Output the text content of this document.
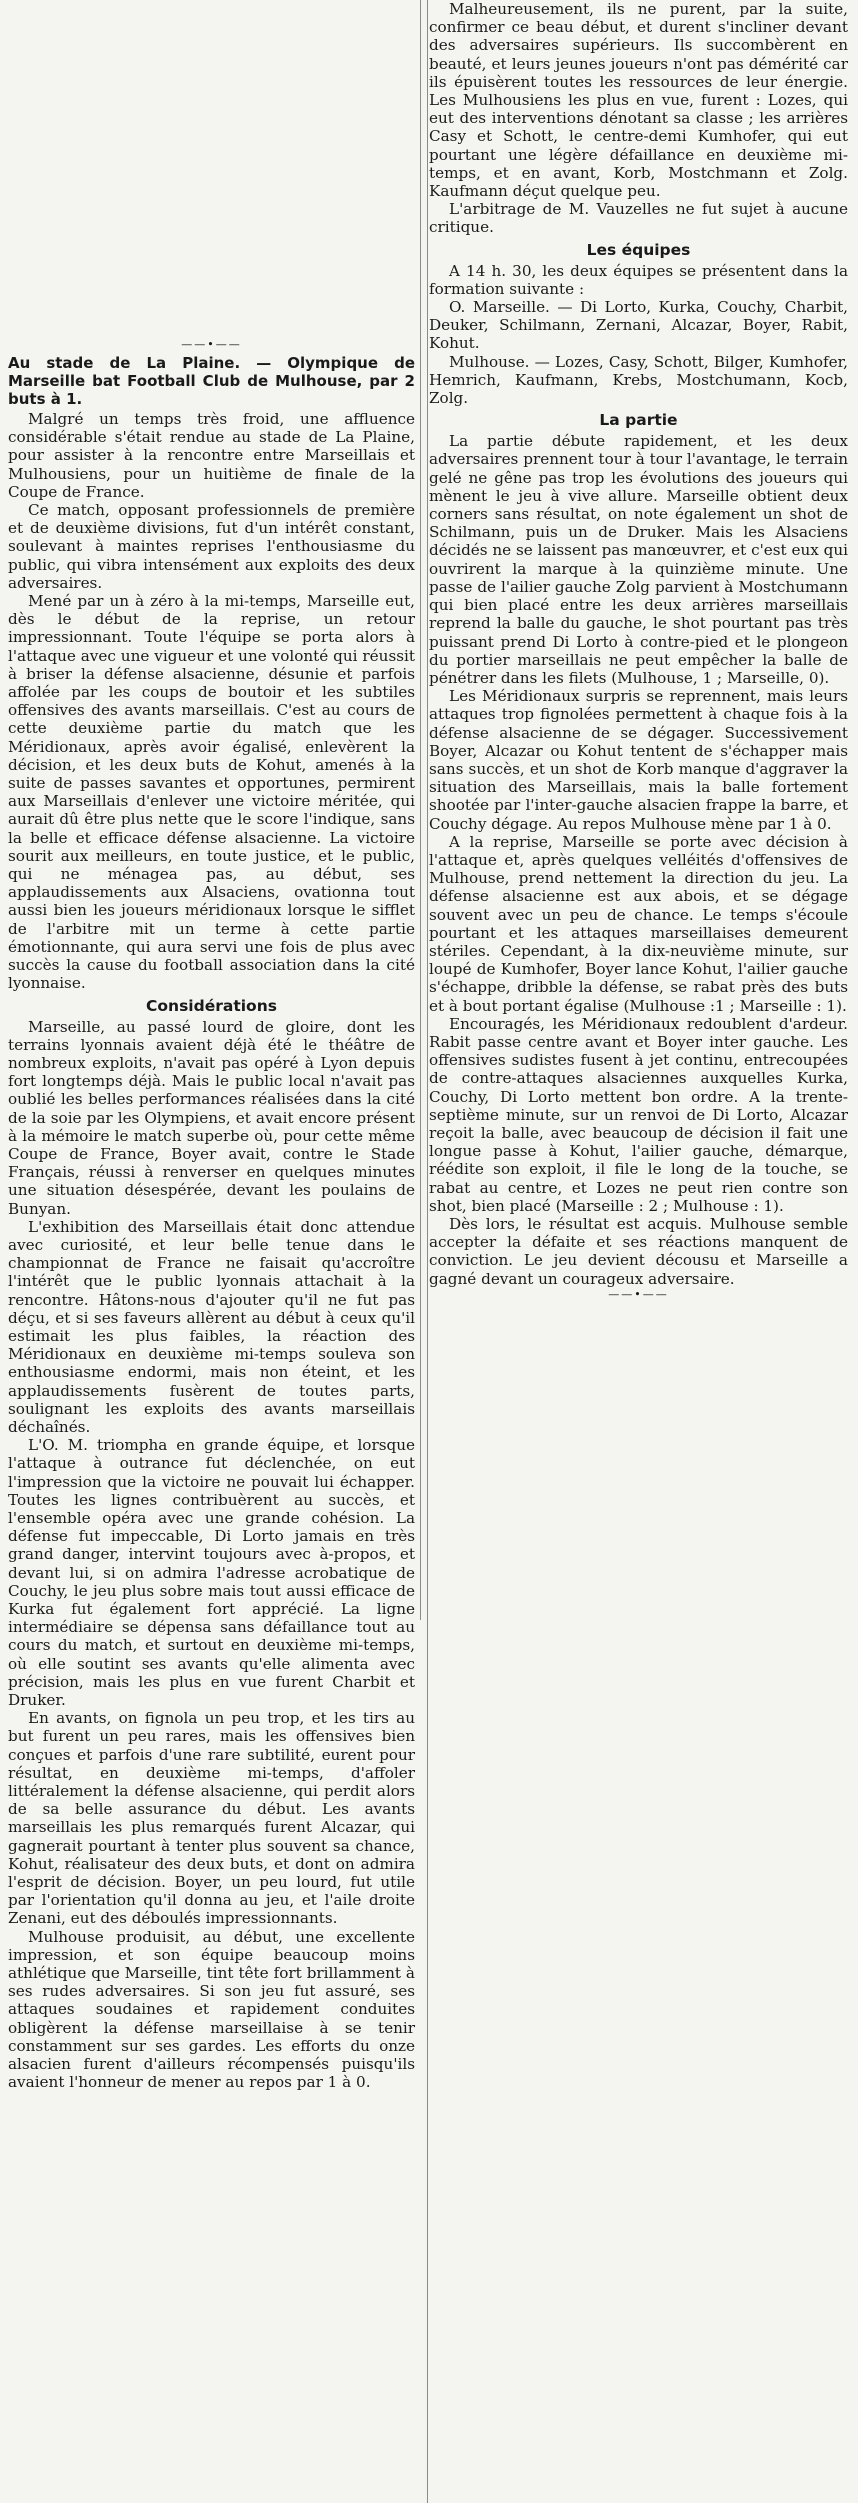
——•——
Au stade de La Plaine. — Olympique de Marseille bat Football Club de Mulhouse, par 2 buts à 1.

Malgré un temps très froid, une affluence considérable s'était rendue au stade de La Plaine, pour assister à la rencontre entre Marseillais et Mulhousiens, pour un huitième de finale de la Coupe de France.

Ce match, opposant professionnels de première et de deuxième divisions, fut d'un intérêt constant, soulevant à maintes reprises l'enthousiasme du public, qui vibra intensément aux exploits des deux adversaires.

Mené par un à zéro à la mi-temps, Marseille eut, dès le début de la reprise, un retour impressionnant. Toute l'équipe se porta alors à l'attaque avec une vigueur et une volonté qui réussit à briser la défense alsacienne, désunie et parfois affolée par les coups de boutoir et les subtiles offensives des avants marseillais. C'est au cours de cette deuxième partie du match que les Méridionaux, après avoir égalisé, enlevèrent la décision, et les deux buts de Kohut, amenés à la suite de passes savantes et opportunes, permirent aux Marseillais d'enlever une victoire méritée, qui aurait dû être plus nette que le score l'indique, sans la belle et efficace défense alsacienne. La victoire sourit aux meilleurs, en toute justice, et le public, qui ne ménagea pas, au début, ses applaudissements aux Alsaciens, ovationna tout aussi bien les joueurs méridionaux lorsque le sifflet de l'arbitre mit un terme à cette partie émotionnante, qui aura servi une fois de plus avec succès la cause du football association dans la cité lyonnaise.

Considérations

Marseille, au passé lourd de gloire, dont les terrains lyonnais avaient déjà été le théâtre de nombreux exploits, n'avait pas opéré à Lyon depuis fort longtemps déjà. Mais le public local n'avait pas oublié les belles performances réalisées dans la cité de la soie par les Olympiens, et avait encore présent à la mémoire le match superbe où, pour cette même Coupe de France, Boyer avait, contre le Stade Français, réussi à renverser en quelques minutes une situation désespérée, devant les poulains de Bunyan.

L'exhibition des Marseillais était donc attendue avec curiosité, et leur belle tenue dans le championnat de France ne faisait qu'accroître l'intérêt que le public lyonnais attachait à la rencontre. Hâtons-nous d'ajouter qu'il ne fut pas déçu, et si ses faveurs allèrent au début à ceux qu'il estimait les plus faibles, la réaction des Méridionaux en deuxième mi-temps souleva son enthousiasme endormi, mais non éteint, et les applaudissements fusèrent de toutes parts, soulignant les exploits des avants marseillais déchaînés.

L'O. M. triompha en grande équipe, et lorsque l'attaque à outrance fut déclenchée, on eut l'impression que la victoire ne pouvait lui échapper. Toutes les lignes contribuèrent au succès, et l'ensemble opéra avec une grande cohésion. La défense fut impeccable, Di Lorto jamais en très grand danger, intervint toujours avec à-propos, et devant lui, si on admira l'adresse acrobatique de Couchy, le jeu plus sobre mais tout aussi efficace de Kurka fut également fort apprécié. La ligne intermédiaire se dépensa sans défaillance tout au cours du match, et surtout en deuxième mi-temps, où elle soutint ses avants qu'elle alimenta avec précision, mais les plus en vue furent Charbit et Druker.

En avants, on fignola un peu trop, et les tirs au but furent un peu rares, mais les offensives bien conçues et parfois d'une rare subtilité, eurent pour résultat, en deuxième mi-temps, d'affoler littéralement la défense alsacienne, qui perdit alors de sa belle assurance du début. Les avants marseillais les plus remarqués furent Alcazar, qui gagnerait pourtant à tenter plus souvent sa chance, Kohut, réalisateur des deux buts, et dont on admira l'esprit de décision. Boyer, un peu lourd, fut utile par l'orientation qu'il donna au jeu, et l'aile droite Zenani, eut des déboulés impressionnants.

Mulhouse produisit, au début, une excellente impression, et son équipe beaucoup moins athlétique que Marseille, tint tête fort brillamment à ses rudes adversaires. Si son jeu fut assuré, ses attaques soudaines et rapidement conduites obligèrent la défense marseillaise à se tenir constamment sur ses gardes. Les efforts du onze alsacien furent d'ailleurs récompensés puisqu'ils avaient l'honneur de mener au repos par 1 à 0.

Malheureusement, ils ne purent, par la suite, confirmer ce beau début, et durent s'incliner devant des adversaires supérieurs. Ils succombèrent en beauté, et leurs jeunes joueurs n'ont pas démérité car ils épuisèrent toutes les ressources de leur énergie. Les Mulhousiens les plus en vue, furent : Lozes, qui eut des interventions dénotant sa classe ; les arrières Casy et Schott, le centre-demi Kumhofer, qui eut pourtant une légère défaillance en deuxième mi-temps, et en avant, Korb, Mostchmann et Zolg. Kaufmann déçut quelque peu.

L'arbitrage de M. Vauzelles ne fut sujet à aucune critique.

Les équipes

A 14 h. 30, les deux équipes se présentent dans la formation suivante :

O. Marseille. — Di Lorto, Kurka, Couchy, Charbit, Deuker, Schilmann, Zernani, Alcazar, Boyer, Rabit, Kohut.

Mulhouse. — Lozes, Casy, Schott, Bilger, Kumhofer, Hemrich, Kaufmann, Krebs, Mostchumann, Kocb, Zolg.

La partie

La partie débute rapidement, et les deux adversaires prennent tour à tour l'avantage, le terrain gelé ne gêne pas trop les évolutions des joueurs qui mènent le jeu à vive allure. Marseille obtient deux corners sans résultat, on note également un shot de Schilmann, puis un de Druker. Mais les Alsaciens décidés ne se laissent pas manœuvrer, et c'est eux qui ouvrirent la marque à la quinzième minute. Une passe de l'ailier gauche Zolg parvient à Mostchumann qui bien placé entre les deux arrières marseillais reprend la balle du gauche, le shot pourtant pas très puissant prend Di Lorto à contre-pied et le plongeon du portier marseillais ne peut empêcher la balle de pénétrer dans les filets (Mulhouse, 1 ; Marseille, 0).

Les Méridionaux surpris se reprennent, mais leurs attaques trop fignolées permettent à chaque fois à la défense alsacienne de se dégager. Successivement Boyer, Alcazar ou Kohut tentent de s'échapper mais sans succès, et un shot de Korb manque d'aggraver la situation des Marseillais, mais la balle fortement shootée par l'inter-gauche alsacien frappe la barre, et Couchy dégage. Au repos Mulhouse mène par 1 à 0.

A la reprise, Marseille se porte avec décision à l'attaque et, après quelques velléités d'offensives de Mulhouse, prend nettement la direction du jeu. La défense alsacienne est aux abois, et se dégage souvent avec un peu de chance. Le temps s'écoule pourtant et les attaques marseillaises demeurent stériles. Cependant, à la dix-neuvième minute, sur loupé de Kumhofer, Boyer lance Kohut, l'ailier gauche s'échappe, dribble la défense, se rabat près des buts et à bout portant égalise (Mulhouse :1 ; Marseille : 1).

Encouragés, les Méridionaux redoublent d'ardeur. Rabit passe centre avant et Boyer inter gauche. Les offensives sudistes fusent à jet continu, entrecoupées de contre-attaques alsaciennes auxquelles Kurka, Couchy, Di Lorto mettent bon ordre. A la trente-septième minute, sur un renvoi de Di Lorto, Alcazar reçoit la balle, avec beaucoup de décision il fait une longue passe à Kohut, l'ailier gauche, démarque, réédite son exploit, il file le long de la touche, se rabat au centre, et Lozes ne peut rien contre son shot, bien placé (Marseille : 2 ; Mulhouse : 1).

Dès lors, le résultat est acquis. Mulhouse semble accepter la défaite et ses réactions manquent de conviction. Le jeu devient décousu et Marseille a gagné devant un courageux adversaire.

——•——
